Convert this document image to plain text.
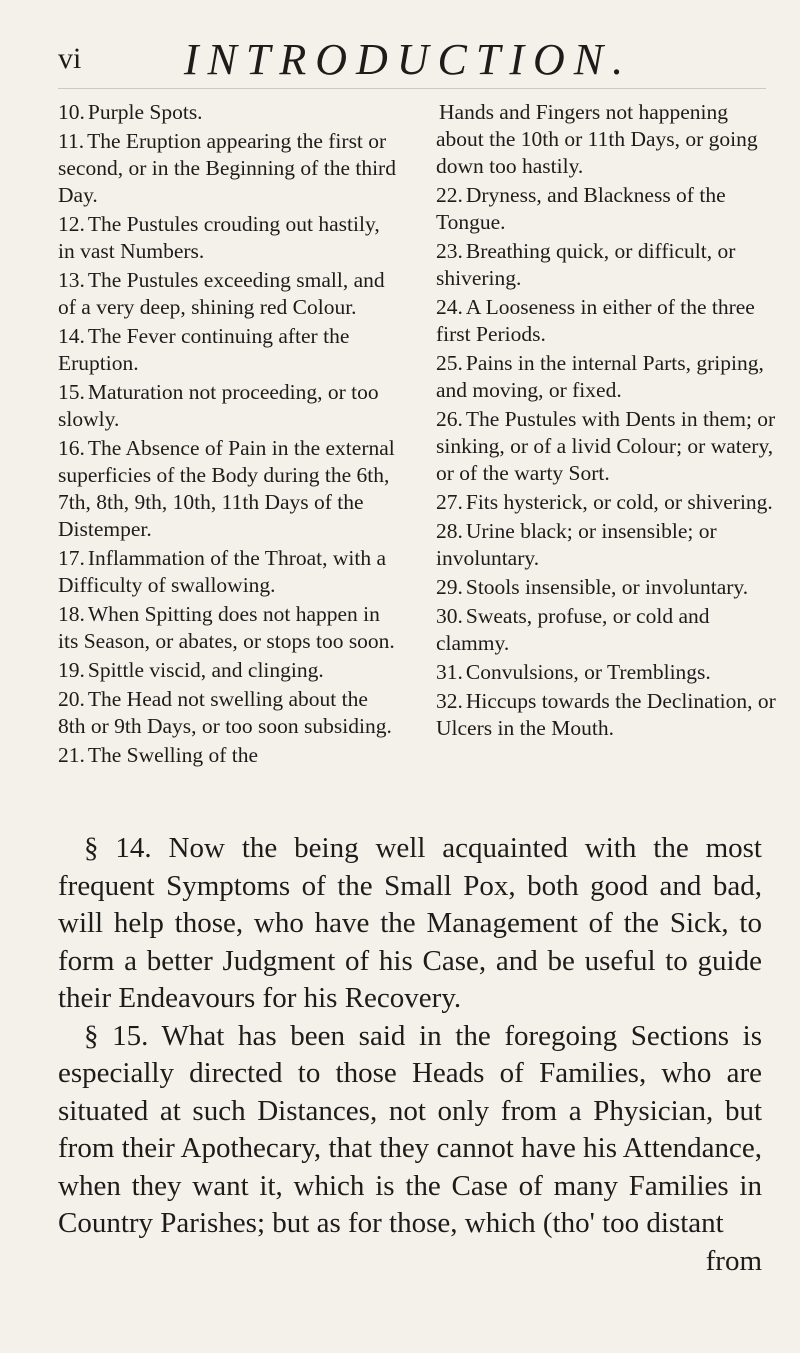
vi	INTRODUCTION.
10. Purple Spots.
11. The Eruption appearing the first or second, or in the Beginning of the third Day.
12. The Pustules crouding out hastily, in vast Numbers.
13. The Pustules exceeding small, and of a very deep, shining red Colour.
14. The Fever continuing after the Eruption.
15. Maturation not proceeding, or too slowly.
16. The Absence of Pain in the external superficies of the Body during the 6th, 7th, 8th, 9th, 10th, 11th Days of the Distemper.
17. Inflammation of the Throat, with a Difficulty of swallowing.
18. When Spitting does not happen in its Season, or abates, or stops too soon.
19. Spittle viscid, and clinging.
20. The Head not swelling about the 8th or 9th Days, or too soon subsiding.
21. The Swelling of the
Hands and Fingers not happening about the 10th or 11th Days, or going down too hastily.
22. Dryness, and Blackness of the Tongue.
23. Breathing quick, or difficult, or shivering.
24. A Looseness in either of the three first Periods.
25. Pains in the internal Parts, griping, and moving, or fixed.
26. The Pustules with Dents in them; or sinking, or of a livid Colour; or watery, or of the warty Sort.
27. Fits hysterick, or cold, or shivering.
28. Urine black; or insensible; or involuntary.
29. Stools insensible, or involuntary.
30. Sweats, profuse, or cold and clammy.
31. Convulsions, or Tremblings.
32. Hiccups towards the Declination, or Ulcers in the Mouth.

§ 14. Now the being well acquainted with the most frequent Symptoms of the Small Pox, both good and bad, will help those, who have the Management of the Sick, to form a better Judgment of his Case, and be useful to guide their Endeavours for his Recovery.

§ 15. What has been said in the foregoing Sections is especially directed to those Heads of Families, who are situated at such Distances, not only from a Physician, but from their Apothecary, that they cannot have his Attendance, when they want it, which is the Case of many Families in Country Parishes; but as for those, which (tho' too distant

from
